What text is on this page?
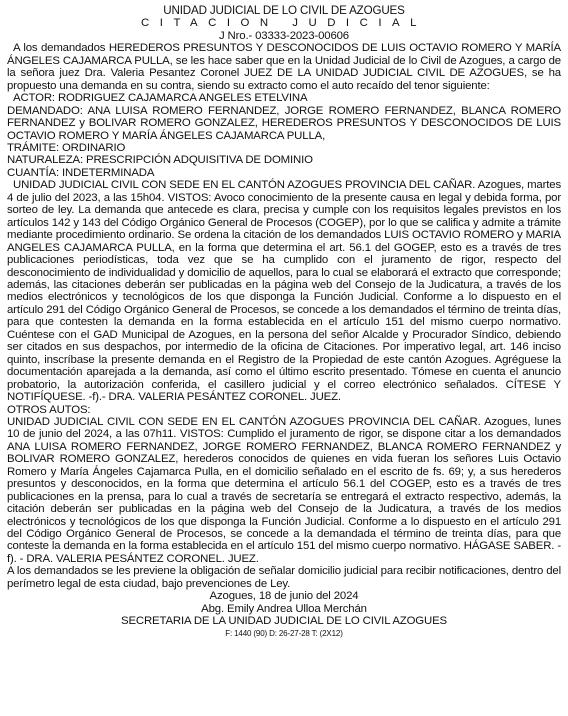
UNIDAD JUDICIAL DE LO CIVIL DE AZOGUES
CITACION JUDICIAL
J Nro.- 03333-2023-00606

A los demandados HEREDEROS PRESUNTOS Y DESCONOCIDOS DE LUIS OCTAVIO ROMERO Y MARÍA ÁNGELES CAJAMARCA PULLA, se les hace saber que en la Unidad Judicial de lo Civil de Azogues, a cargo de la señora juez Dra. Valeria Pesantez Coronel JUEZ DE LA UNIDAD JUDICIAL CIVIL DE AZOGUES, se ha propuesto una demanda en su contra, siendo su extracto como el auto recaído del tenor siguiente:

ACTOR: RODRIGUEZ CAJAMARCA ANGELES ETELVINA

DEMANDADO: ANA LUISA ROMERO FERNANDEZ, JORGE ROMERO FERNANDEZ, BLANCA ROMERO FERNANDEZ y BOLIVAR ROMERO GONZALEZ, HEREDEROS PRESUNTOS Y DESCONOCIDOS DE LUIS OCTAVIO ROMERO Y MARÍA ÁNGELES CAJAMARCA PULLA,

TRÁMITE: ORDINARIO

NATURALEZA: PRESCRIPCIÓN ADQUISITIVA DE DOMINIO

CUANTÍA: INDETERMINADA

UNIDAD JUDICIAL CIVIL CON SEDE EN EL CANTÓN AZOGUES PROVINCIA DEL CAÑAR. Azogues, martes 4 de julio del 2023, a las 15h04. VISTOS: Avoco conocimiento de la presente causa en legal y debida forma, por sorteo de ley. La demanda que antecede es clara, precisa y cumple con los requisitos legales previstos en los artículos 142 y 143 del Código Orgánico General de Procesos (COGEP), por lo que se califica y admite a trámite mediante procedimiento ordinario. Se ordena la citación de los demandados LUIS OCTAVIO ROMERO y MARIA ANGELES CAJAMARCA PULLA, en la forma que determina el art. 56.1 del GOGEP, esto es a través de tres publicaciones periodísticas, toda vez que se ha cumplido con el juramento de rigor, respecto del desconocimiento de individualidad y domicilio de aquellos, para lo cual se elaborará el extracto que corresponde; además, las citaciones deberán ser publicadas en la página web del Consejo de la Judicatura, a través de los medios electrónicos y tecnológicos de los que disponga la Función Judicial. Conforme a lo dispuesto en el artículo 291 del Código Orgánico General de Procesos, se concede a los demandados el término de treinta días, para que contesten la demanda en la forma establecida en el artículo 151 del mismo cuerpo normativo. Cuéntese con el GAD Municipal de Azogues, en la persona del señor Alcalde y Procurador Síndico, debiendo ser citados en sus despachos, por intermedio de la oficina de Citaciones. Por imperativo legal, art. 146 inciso quinto, inscríbase la presente demanda en el Registro de la Propiedad de este cantón Azogues. Agréguese la documentación aparejada a la demanda, así como el último escrito presentado. Tómese en cuenta el anuncio probatorio, la autorización conferida, el casillero judicial y el correo electrónico señalados. CÍTESE Y NOTIFÍQUESE. -f).- DRA. VALERIA PESÁNTEZ CORONEL. JUEZ.

OTROS AUTOS:

UNIDAD JUDICIAL CIVIL CON SEDE EN EL CANTÓN AZOGUES PROVINCIA DEL CAÑAR. Azogues, lunes 10 de junio del 2024, a las 07h11. VISTOS: Cumplido el juramento de rigor, se dispone citar a los demandados ANA LUISA ROMERO FERNANDEZ, JORGE ROMERO FERNANDEZ, BLANCA ROMERO FERNANDEZ y BOLIVAR ROMERO GONZALEZ, herederos conocidos de quienes en vida fueran los señores Luis Octavio Romero y María Ángeles Cajamarca Pulla, en el domicilio señalado en el escrito de fs. 69; y, a sus herederos presuntos y desconocidos, en la forma que determina el artículo 56.1 del COGEP, esto es a través de tres publicaciones en la prensa, para lo cual a través de secretaría se entregará el extracto respectivo, además, la citación deberán ser publicadas en la página web del Consejo de la Judicatura, a través de los medios electrónicos y tecnológicos de los que disponga la Función Judicial. Conforme a lo dispuesto en el artículo 291 del Código Orgánico General de Procesos, se concede a la demandada el término de treinta días, para que conteste la demanda en la forma establecida en el artículo 151 del mismo cuerpo normativo. HÁGASE SABER. -f). - DRA. VALERIA PESÁNTEZ CORONEL. JUEZ.

A los demandados se les previene la obligación de señalar domicilio judicial para recibir notificaciones, dentro del perímetro legal de esta ciudad, bajo prevenciones de Ley.

Azogues, 18 de junio del 2024
Abg. Emily Andrea Ulloa Merchán
SECRETARIA DE LA UNIDAD JUDICIAL DE LO CIVIL AZOGUES
F: 1440 (90) D: 26-27-28 T: (2X12)
